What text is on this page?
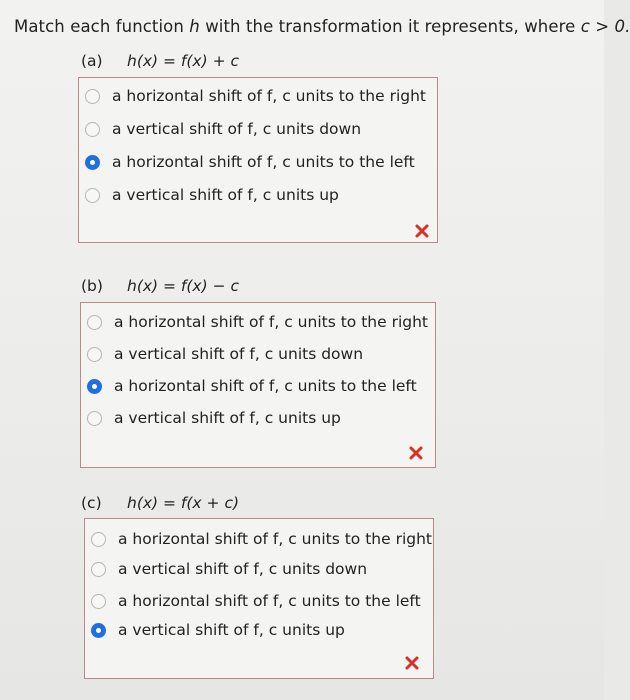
Match each function h with the transformation it represents, where c > 0.
(a) h(x) = f(x) + c
a horizontal shift of f, c units to the right
a vertical shift of f, c units down
a horizontal shift of f, c units to the left
a vertical shift of f, c units up
(b) h(x) = f(x) − c
a horizontal shift of f, c units to the right
a vertical shift of f, c units down
a horizontal shift of f, c units to the left
a vertical shift of f, c units up
(c) h(x) = f(x + c)
a horizontal shift of f, c units to the right
a vertical shift of f, c units down
a horizontal shift of f, c units to the left
a vertical shift of f, c units up
